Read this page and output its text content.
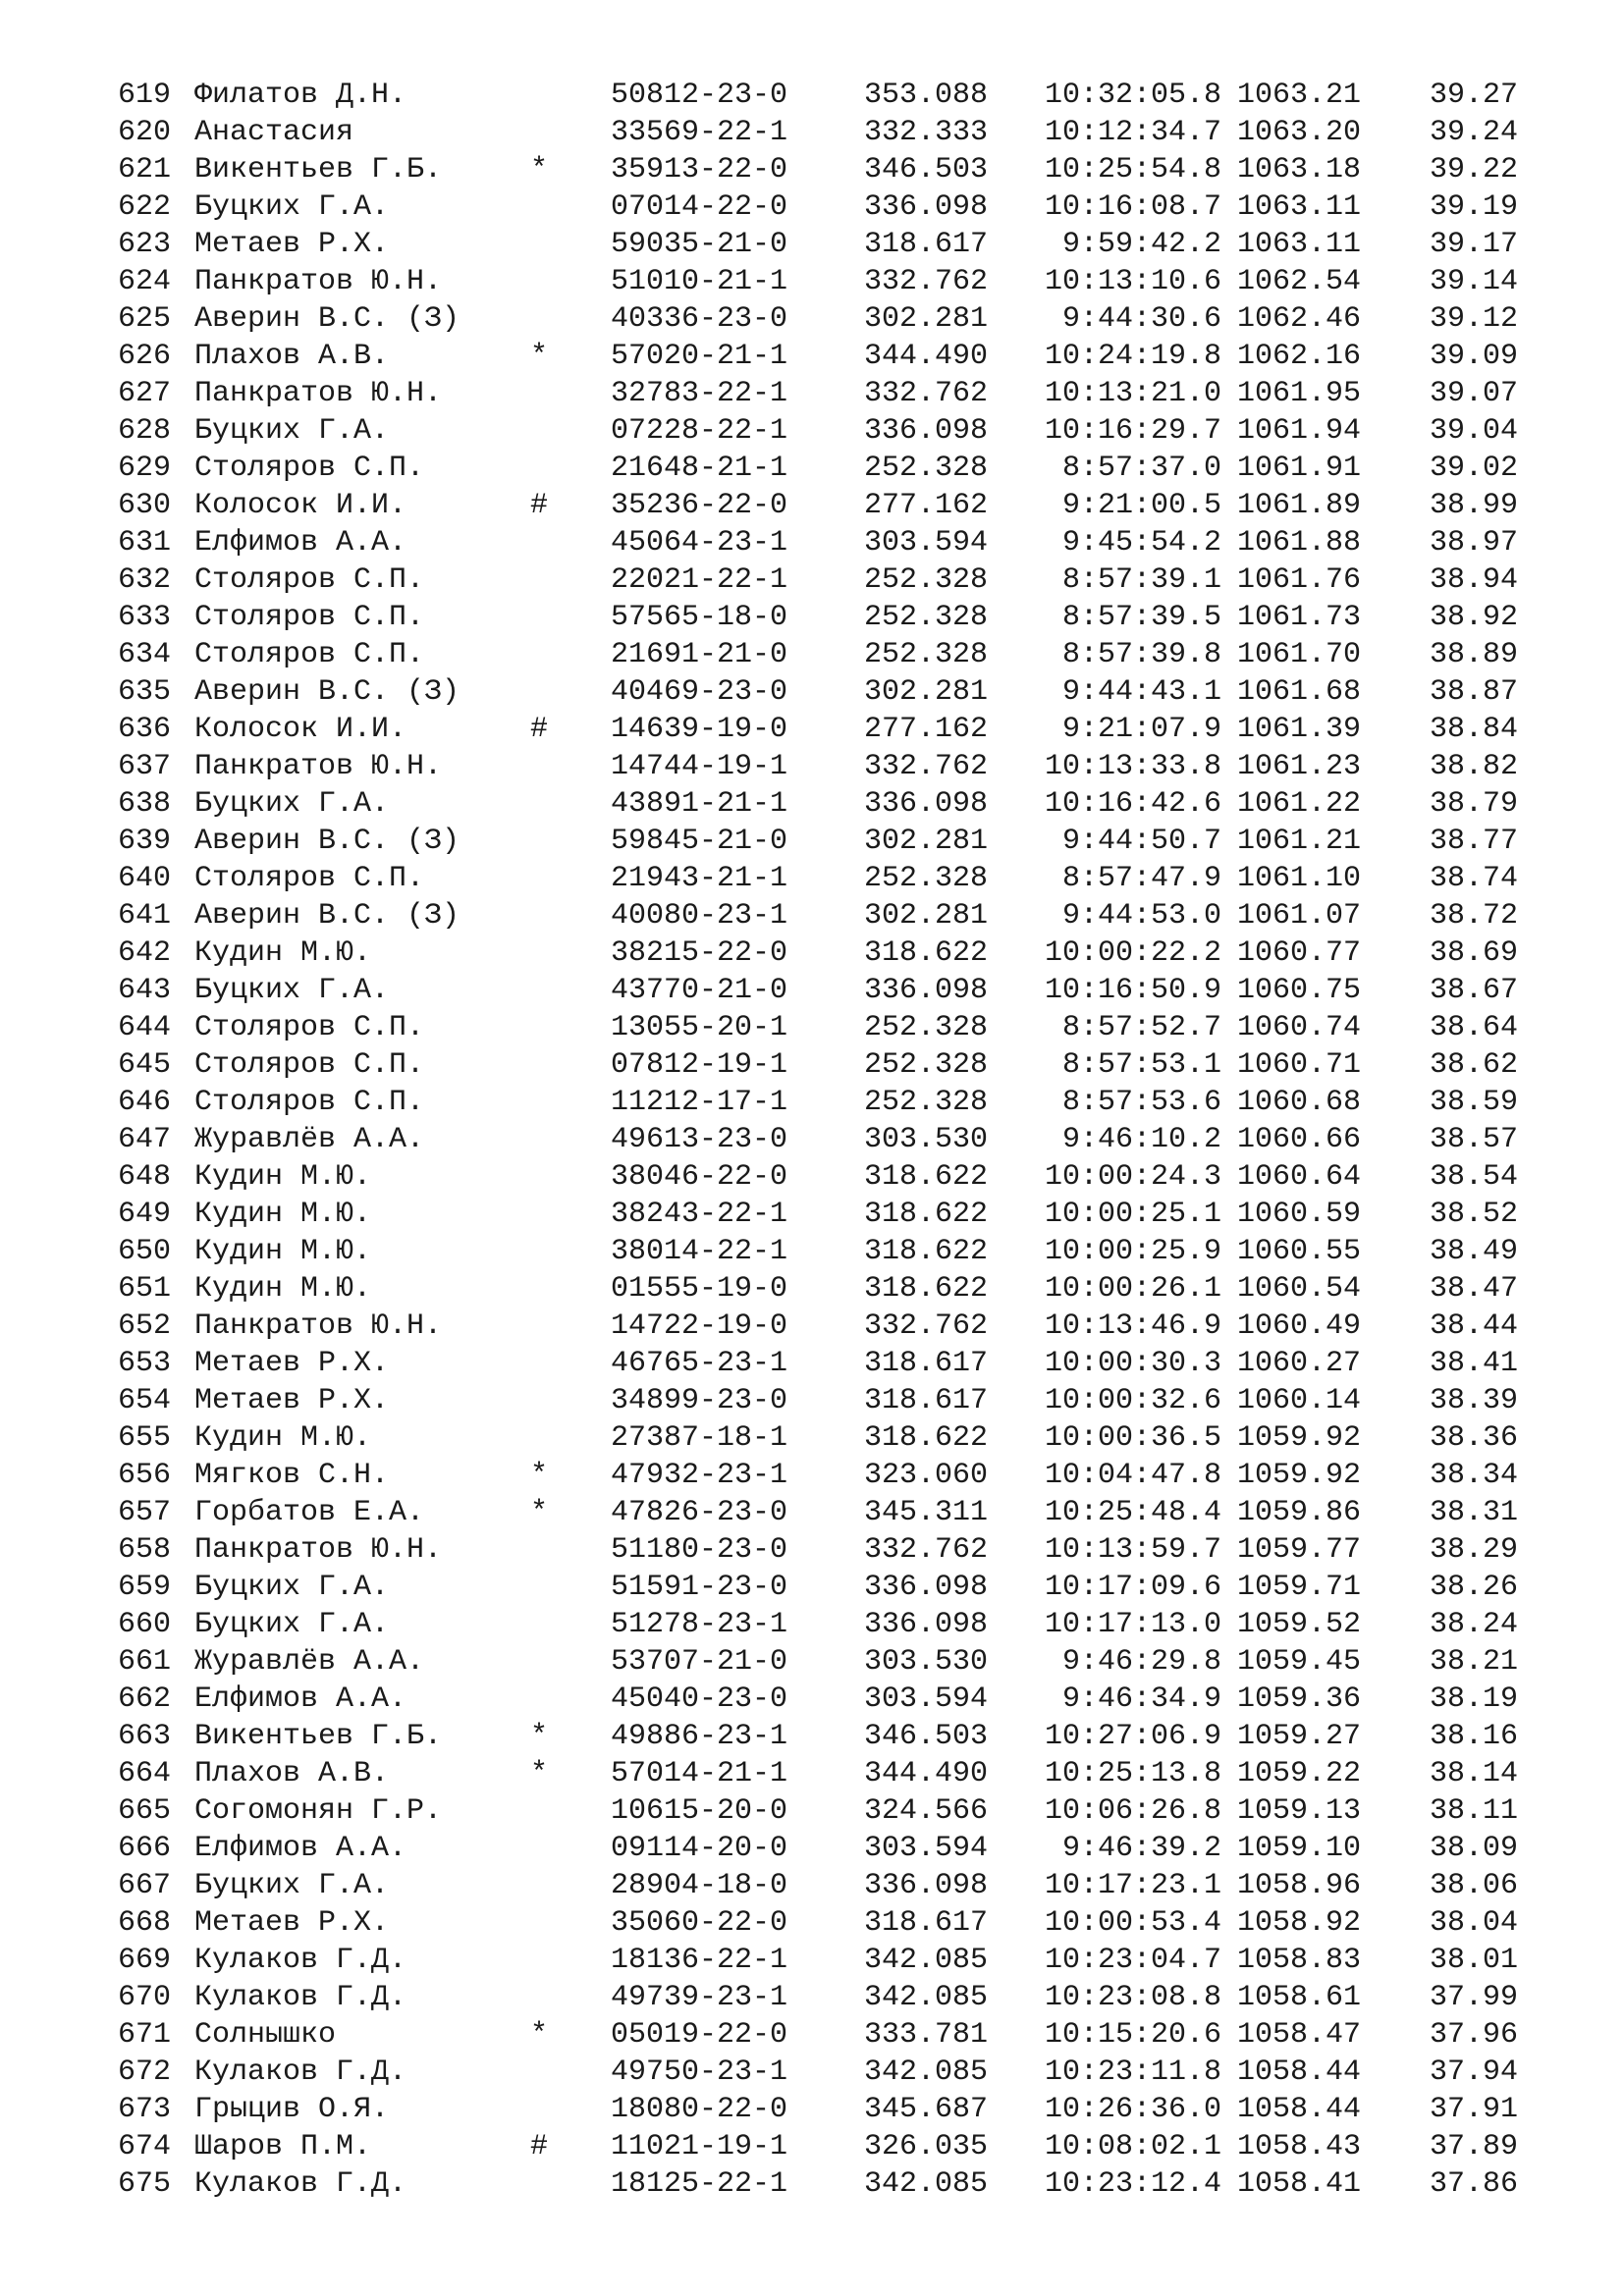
619 Филатов Д.Н.	50812-23-0	353.088 10:32:05.8 1063.21 39.27
620 Анастасия	33569-22-1	332.333 10:12:34.7 1063.20 39.24
621 Викентьев Г.Б.	* 35913-22-0	346.503 10:25:54.8 1063.18 39.22
622 Буцких Г.А.	07014-22-0	336.098 10:16:08.7 1063.11 39.19
623 Метаев Р.Х.	59035-21-0	318.617	9:59:42.2 1063.11 39.17
624 Панкратов Ю.Н.	51010-21-1	332.762 10:13:10.6 1062.54 39.14
625 Аверин В.С. (З)	40336-23-0	302.281	9:44:30.6 1062.46 39.12
626 Плахов А.В.	* 57020-21-1	344.490 10:24:19.8 1062.16 39.09
627 Панкратов Ю.Н.	32783-22-1	332.762 10:13:21.0 1061.95 39.07
628 Буцких Г.А.	07228-22-1	336.098 10:16:29.7 1061.94 39.04
629 Столяров С.П.	21648-21-1	252.328	8:57:37.0 1061.91 39.02
630 Колосок И.И.	# 35236-22-0	277.162	9:21:00.5 1061.89 38.99
631 Елфимов А.А.	45064-23-1	303.594	9:45:54.2 1061.88 38.97
632 Столяров С.П.	22021-22-1	252.328	8:57:39.1 1061.76 38.94
633 Столяров С.П.	57565-18-0	252.328	8:57:39.5 1061.73 38.92
634 Столяров С.П.	21691-21-0	252.328	8:57:39.8 1061.70 38.89
635 Аверин В.С. (З)	40469-23-0	302.281	9:44:43.1 1061.68 38.87
636 Колосок И.И.	# 14639-19-0	277.162	9:21:07.9 1061.39 38.84
637 Панкратов Ю.Н.	14744-19-1	332.762 10:13:33.8 1061.23 38.82
638 Буцких Г.А.	43891-21-1	336.098 10:16:42.6 1061.22 38.79
639 Аверин В.С. (З)	59845-21-0	302.281	9:44:50.7 1061.21 38.77
640 Столяров С.П.	21943-21-1	252.328	8:57:47.9 1061.10 38.74
641 Аверин В.С. (З)	40080-23-1	302.281	9:44:53.0 1061.07 38.72
642 Кудин М.Ю.	38215-22-0	318.622 10:00:22.2 1060.77 38.69
643 Буцких Г.А.	43770-21-0	336.098 10:16:50.9 1060.75 38.67
644 Столяров С.П.	13055-20-1	252.328	8:57:52.7 1060.74 38.64
645 Столяров С.П.	07812-19-1	252.328	8:57:53.1 1060.71 38.62
646 Столяров С.П.	11212-17-1	252.328	8:57:53.6 1060.68 38.59
647 Журавлёв А.А.	49613-23-0	303.530	9:46:10.2 1060.66 38.57
648 Кудин М.Ю.	38046-22-0	318.622 10:00:24.3 1060.64 38.54
649 Кудин М.Ю.	38243-22-1	318.622 10:00:25.1 1060.59 38.52
650 Кудин М.Ю.	38014-22-1	318.622 10:00:25.9 1060.55 38.49
651 Кудин М.Ю.	01555-19-0	318.622 10:00:26.1 1060.54 38.47
652 Панкратов Ю.Н.	14722-19-0	332.762 10:13:46.9 1060.49 38.44
653 Метаев Р.Х.	46765-23-1	318.617 10:00:30.3 1060.27 38.41
654 Метаев Р.Х.	34899-23-0	318.617 10:00:32.6 1060.14 38.39
655 Кудин М.Ю.	27387-18-1	318.622 10:00:36.5 1059.92 38.36
656 Мягков С.Н.	* 47932-23-1	323.060 10:04:47.8 1059.92 38.34
657 Горбатов Е.А.	* 47826-23-0	345.311 10:25:48.4 1059.86 38.31
658 Панкратов Ю.Н.	51180-23-0	332.762 10:13:59.7 1059.77 38.29
659 Буцких Г.А.	51591-23-0	336.098 10:17:09.6 1059.71 38.26
660 Буцких Г.А.	51278-23-1	336.098 10:17:13.0 1059.52 38.24
661 Журавлёв А.А.	53707-21-0	303.530	9:46:29.8 1059.45 38.21
662 Елфимов А.А.	45040-23-0	303.594	9:46:34.9 1059.36 38.19
663 Викентьев Г.Б.	* 49886-23-1	346.503 10:27:06.9 1059.27 38.16
664 Плахов А.В.	* 57014-21-1	344.490 10:25:13.8 1059.22 38.14
665 Согомонян Г.Р.	10615-20-0	324.566 10:06:26.8 1059.13 38.11
666 Елфимов А.А.	09114-20-0	303.594	9:46:39.2 1059.10 38.09
667 Буцких Г.А.	28904-18-0	336.098 10:17:23.1 1058.96 38.06
668 Метаев Р.Х.	35060-22-0	318.617 10:00:53.4 1058.92 38.04
669 Кулаков Г.Д.	18136-22-1	342.085 10:23:04.7 1058.83 38.01
670 Кулаков Г.Д.	49739-23-1	342.085 10:23:08.8 1058.61 37.99
671 Солнышко	* 05019-22-0	333.781 10:15:20.6 1058.47 37.96
672 Кулаков Г.Д.	49750-23-1	342.085 10:23:11.8 1058.44 37.94
673 Грыцив О.Я.	18080-22-0	345.687 10:26:36.0 1058.44 37.91
674 Шаров П.М.	# 11021-19-1	326.035 10:08:02.1 1058.43 37.89
675 Кулаков Г.Д.	18125-22-1	342.085 10:23:12.4 1058.41 37.86
